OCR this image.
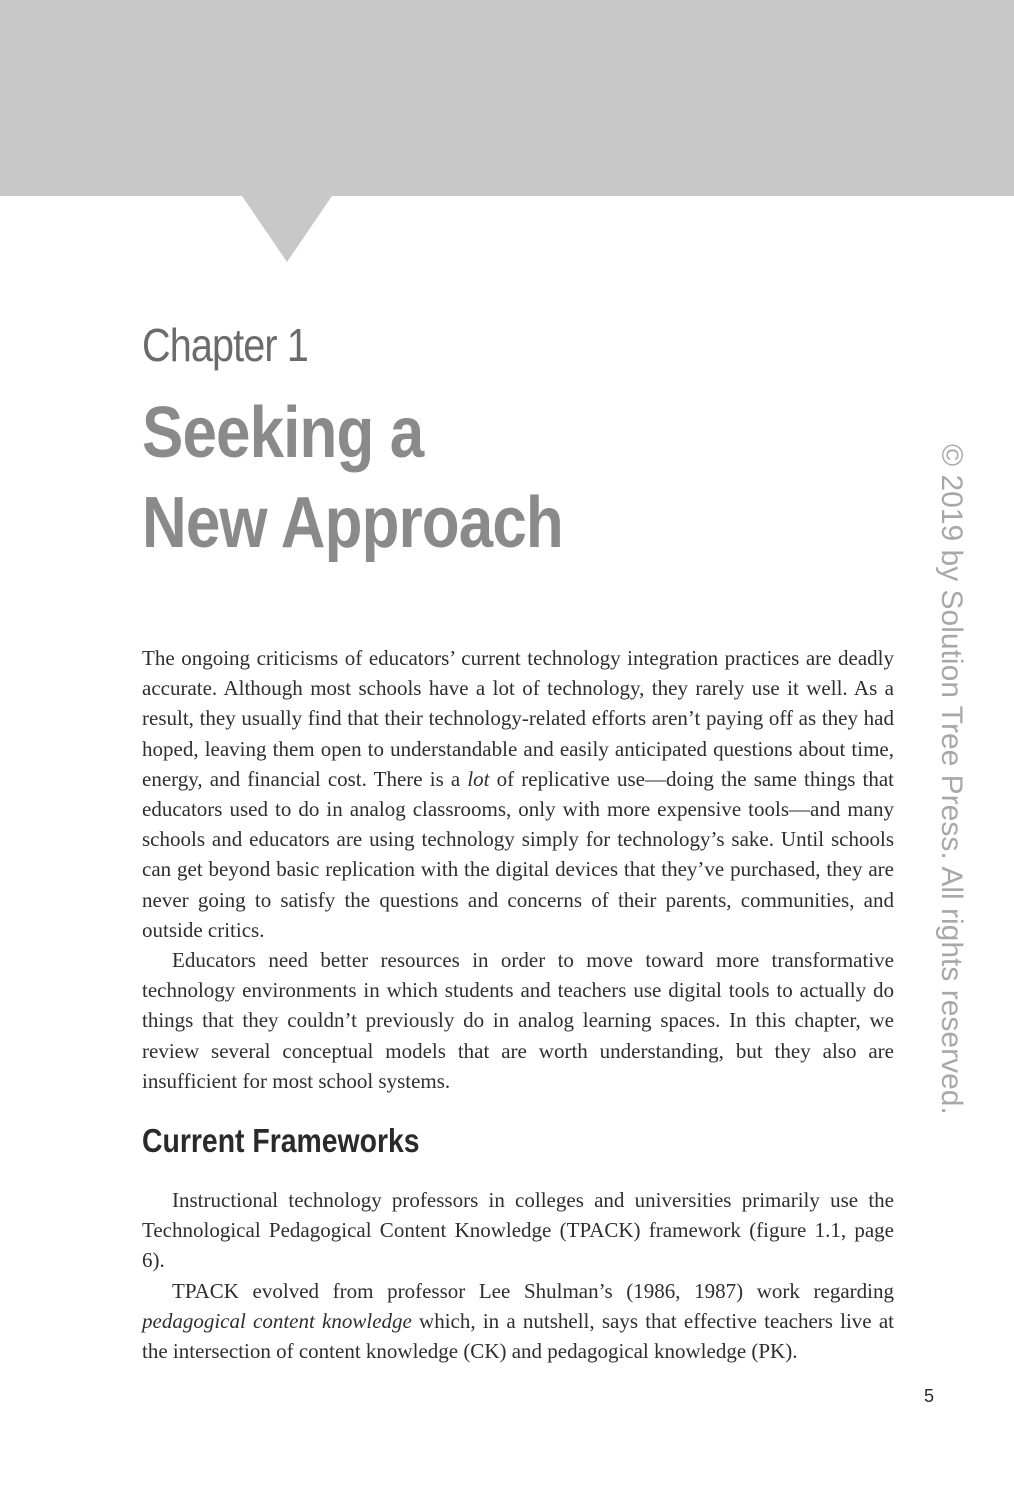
Chapter 1
Seeking a
New Approach

The ongoing criticisms of educators’ current technology integration practices are deadly accurate. Although most schools have a lot of technology, they rarely use it well. As a result, they usually find that their technology-related efforts aren’t paying off as they had hoped, leaving them open to understandable and easily anticipated questions about time, energy, and financial cost. There is a lot of replicative use—doing the same things that educators used to do in analog classrooms, only with more expensive tools—and many schools and educators are using technology simply for technology’s sake. Until schools can get beyond basic replication with the digital devices that they’ve purchased, they are never going to satisfy the questions and concerns of their parents, communities, and outside critics.

Educators need better resources in order to move toward more transformative technology environments in which students and teachers use digital tools to actually do things that they couldn’t previously do in analog learning spaces. In this chapter, we review several conceptual models that are worth understanding, but they also are insufficient for most school systems.

Current Frameworks

Instructional technology professors in colleges and universities primarily use the Technological Pedagogical Content Knowledge (TPACK) framework (figure 1.1, page 6).

TPACK evolved from professor Lee Shulman’s (1986, 1987) work regarding pedagogical content knowledge which, in a nutshell, says that effective teachers live at the intersection of content knowledge (CK) and pedagogical knowledge (PK).

5
© 2019 by Solution Tree Press. All rights reserved.
